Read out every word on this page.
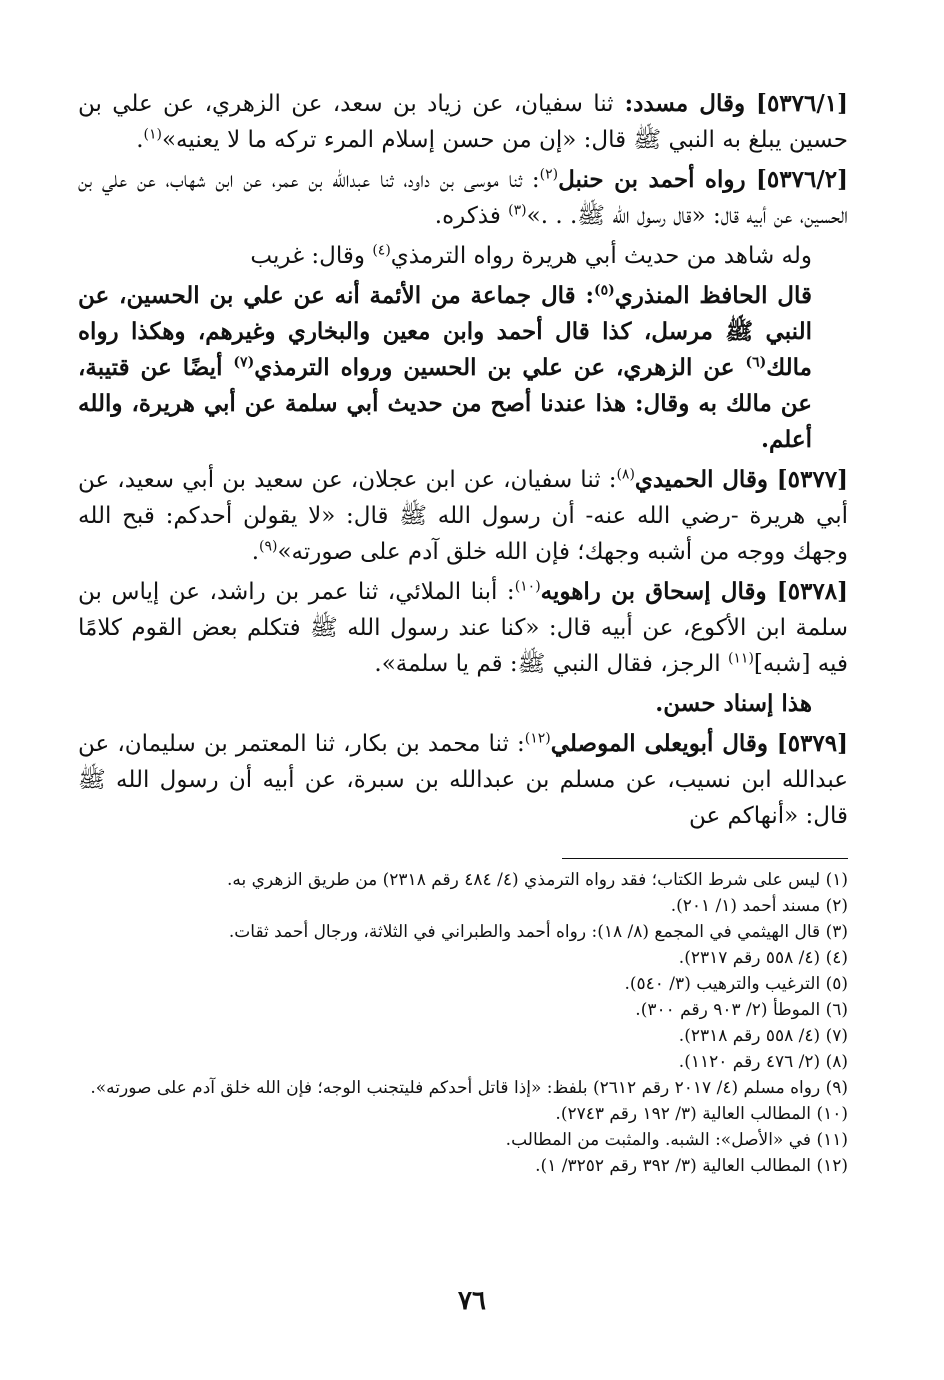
[٥٣٧٦/١] وقال مسدد: ثنا سفيان، عن زياد بن سعد، عن الزهري، عن علي بن حسين يبلغ به النبي ﷺ قال: «إن من حسن إسلام المرء تركه ما لا يعنيه»$^{(١)}$.

[٥٣٧٦/٢] رواه أحمد بن حنبل$^{(٢)}$: ثنا موسى بن داود، ثنا عبدالله بن عمر، عن ابن شهاب، عن علي بن الحسين، عن أبيه قال: «قال رسول الله ﷺ. . .»$^{(٣)}$ فذكره.

وله شاهد من حديث أبي هريرة رواه الترمذي$^{(٤)}$ وقال: غريب

قال الحافظ المنذري$^{(٥)}$: قال جماعة من الأئمة أنه عن علي بن الحسين، عن النبي ﷺ مرسل، كذا قال أحمد وابن معين والبخاري وغيرهم، وهكذا رواه مالك$^{(٦)}$ عن الزهري، عن علي بن الحسين ورواه الترمذي$^{(٧)}$ أيضًا عن قتيبة، عن مالك به وقال: هذا عندنا أصح من حديث أبي سلمة عن أبي هريرة، والله أعلم.

[٥٣٧٧] وقال الحميدي$^{(٨)}$: ثنا سفيان، عن ابن عجلان، عن سعيد بن أبي سعيد، عن أبي هريرة -رضي الله عنه- أن رسول الله ﷺ قال: «لا يقولن أحدكم: قبح الله وجهك ووجه من أشبه وجهك؛ فإن الله خلق آدم على صورته»$^{(٩)}$.

[٥٣٧٨] وقال إسحاق بن راهويه$^{(١٠)}$: أبنا الملائي، ثنا عمر بن راشد، عن إياس بن سلمة ابن الأكوع، عن أبيه قال: «كنا عند رسول الله ﷺ فتكلم بعض القوم كلامًا فيه [شبه]$^{(١١)}$ الرجز، فقال النبي ﷺ: قم يا سلمة».

هذا إسناد حسن.

[٥٣٧٩] وقال أبويعلى الموصلي$^{(١٢)}$: ثنا محمد بن بكار، ثنا المعتمر بن سليمان، عن عبدالله ابن نسيب، عن مسلم بن عبدالله بن سبرة، عن أبيه أن رسول الله ﷺ قال: «أنهاكم عن

(١) ليس على شرط الكتاب؛ فقد رواه الترمذي (٤/ ٤٨٤ رقم ٢٣١٨) من طريق الزهري به.

(٢) مسند أحمد (١/ ٢٠١).

(٣) قال الهيثمي في المجمع (٨/ ١٨): رواه أحمد والطبراني في الثلاثة، ورجال أحمد ثقات.

(٤) (٤/ ٥٥٨ رقم ٢٣١٧).

(٥) الترغيب والترهيب (٣/ ٥٤٠).

(٦) الموطأ (٢/ ٩٠٣ رقم ٣٠٠).

(٧) (٤/ ٥٥٨ رقم ٢٣١٨).

(٨) (٢/ ٤٧٦ رقم ١١٢٠).

(٩) رواه مسلم (٤/ ٢٠١٧ رقم ٢٦١٢) بلفظ: «إذا قاتل أحدكم فليتجنب الوجه؛ فإن الله خلق آدم على صورته».

(١٠) المطالب العالية (٣/ ١٩٢ رقم ٢٧٤٣).

(١١) في «الأصل»: الشبه. والمثبت من المطالب.

(١٢) المطالب العالية (٣/ ٣٩٢ رقم ٣٢٥٢/ ١).

٧٦
